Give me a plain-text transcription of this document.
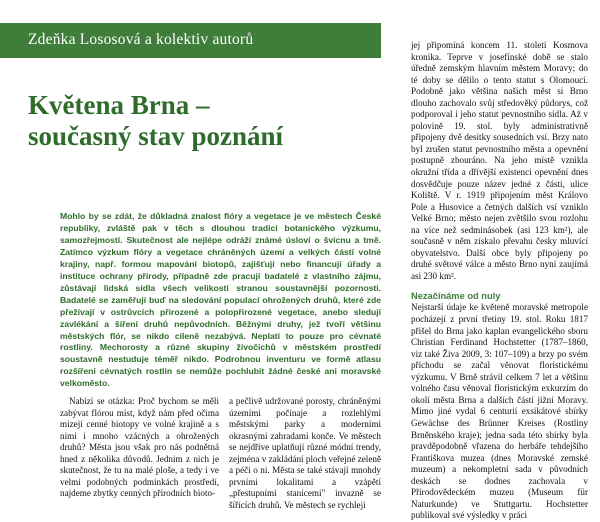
Zdeňka Lososová a kolektiv autorů
Květena Brna –
současný stav poznání
Mohlo by se zdát, že důkladná znalost flóry a vegetace je ve městech České republiky, zvláště pak v těch s dlouhou tradicí botanického výzkumu, samozřejmostí. Skutečnost ale nejlépe odráží známé úsloví o švícnu a tmě. Zatímco výzkum flóry a vegetace chráněných území a velkých částí volné krajiny, např. formou mapování biotopů, zajišťují nebo financují úřady a instituce ochrany přírody, případně zde pracují badatelé z vlastního zájmu, zůstávají lidská sídla všech velikostí stranou soustavnější pozornosti. Badatelé se zaměřují buď na sledování populací ohrožených druhů, které zde přežívají v ostrůvcích přirozené a polopřirozené vegetace, anebo sledují zavlékání a šíření druhů nepůvodních. Běžnými druhy, jež tvoří většinu městských flór, se nikdo cíleně nezabývá. Neplatí to pouze pro cévnaté rostliny. Mechorosty a různé skupiny živočichů v městském prostředí soustavně nestuduje téměř nikdo. Podrobnou inventuru ve formě atlasu rozšíření cévnatých rostlin se nemůže pochlubit žádné české ani moravské velkoměsto.

Nabízí se otázka: Proč bychom se měli zabývat flórou míst, když nám před očima mizejí cenné biotopy ve volné krajině a s nimi i mnoho vzácných a ohrožených druhů? Města jsou však pro nás podnětná hned z několika důvodů. Jednim z nich je skutečnost, že tu na malé ploše, a tedy i ve velmi podobných podmínkách prostředí, najdeme zbytky cenných přírodních bioto-

a pečlivě udržované porosty, chráněnými územími počínaje a rozlehlými městskými parky a moderními okrasnými zahradami konče. Ve městech se nejdříve uplatňují různé módní trendy, zejména v zakládání ploch veřejné zeleně a péči o ni. Města se také stávají mnohdy prvními lokalitami a vzápětí „přestupními stanicemi" invazně se šířících druhů. Ve městech se rychleji

jej připomíná koncem 11. století Kosmova kronika. Teprve v josefínské době se stalo úředně zemským hlavním městem Moravy; do té doby se dělilo o tento statut s Olomoucí. Podobně jako většina našich měst si Brno dlouho zachovalo svůj středověký půdorys, což podporoval i jeho statut pevnostního sídla. Až v polovině 19. stol. byly administrativně připojeny dvě desítky sousedních vsí. Brzy nato byl zrušen statut pevnostního města a opevnění postupně zbouráno. Na jeho místě vznikla okružní třída a dřívější existenci opevnění dnes dosvědčuje pouze název jedné z částí, ulice Koliště. V r. 1919 připojením měst Královo Pole a Husovice a četných dalších vsí vzniklo Velké Brno; město nejen zvětšilo svou rozlohu na více než sedminásobek (asi 123 km²), ale současně v něm získalo převahu česky mluvící obyvatelstvo. Další obce byly připojeny po druhé světové válce a město Brno nyní zaujímá asi 230 km².

Nezačínáme od nuly

Nejstarší údaje ke květeně moravské metropole pocházejí z první třetiny 19. stol. Roku 1817 přišel do Brna jako kaplan evangelického sboru Christian Ferdinand Hochstetter (1787–1860, viz také Živa 2009, 3: 107–109) a brzy po svém příchodu se začal věnovat floristickému výzkumu. V Brně strávil celkem 7 let a většinu volného času věnoval floristickým exkurzím do okolí města Brna a dalších částí jižní Moravy. Mimo jiné vydal 6 centurií exsikátové sbírky Gewächse des Brünner Kreises (Rostliny Brněnského kraje); jedna sada této sbírky byla pravděpodobně vřazena do herbáře tehdejšího Františkova muzea (dnes Moravské zemské muzeum) a nekompletní sada v původních deskách se dodnes zachovala v Přírodovědeckém muzeu (Museum für Naturkunde) ve Stuttgartu. Hochstetter publikoval své výsledky v práci
